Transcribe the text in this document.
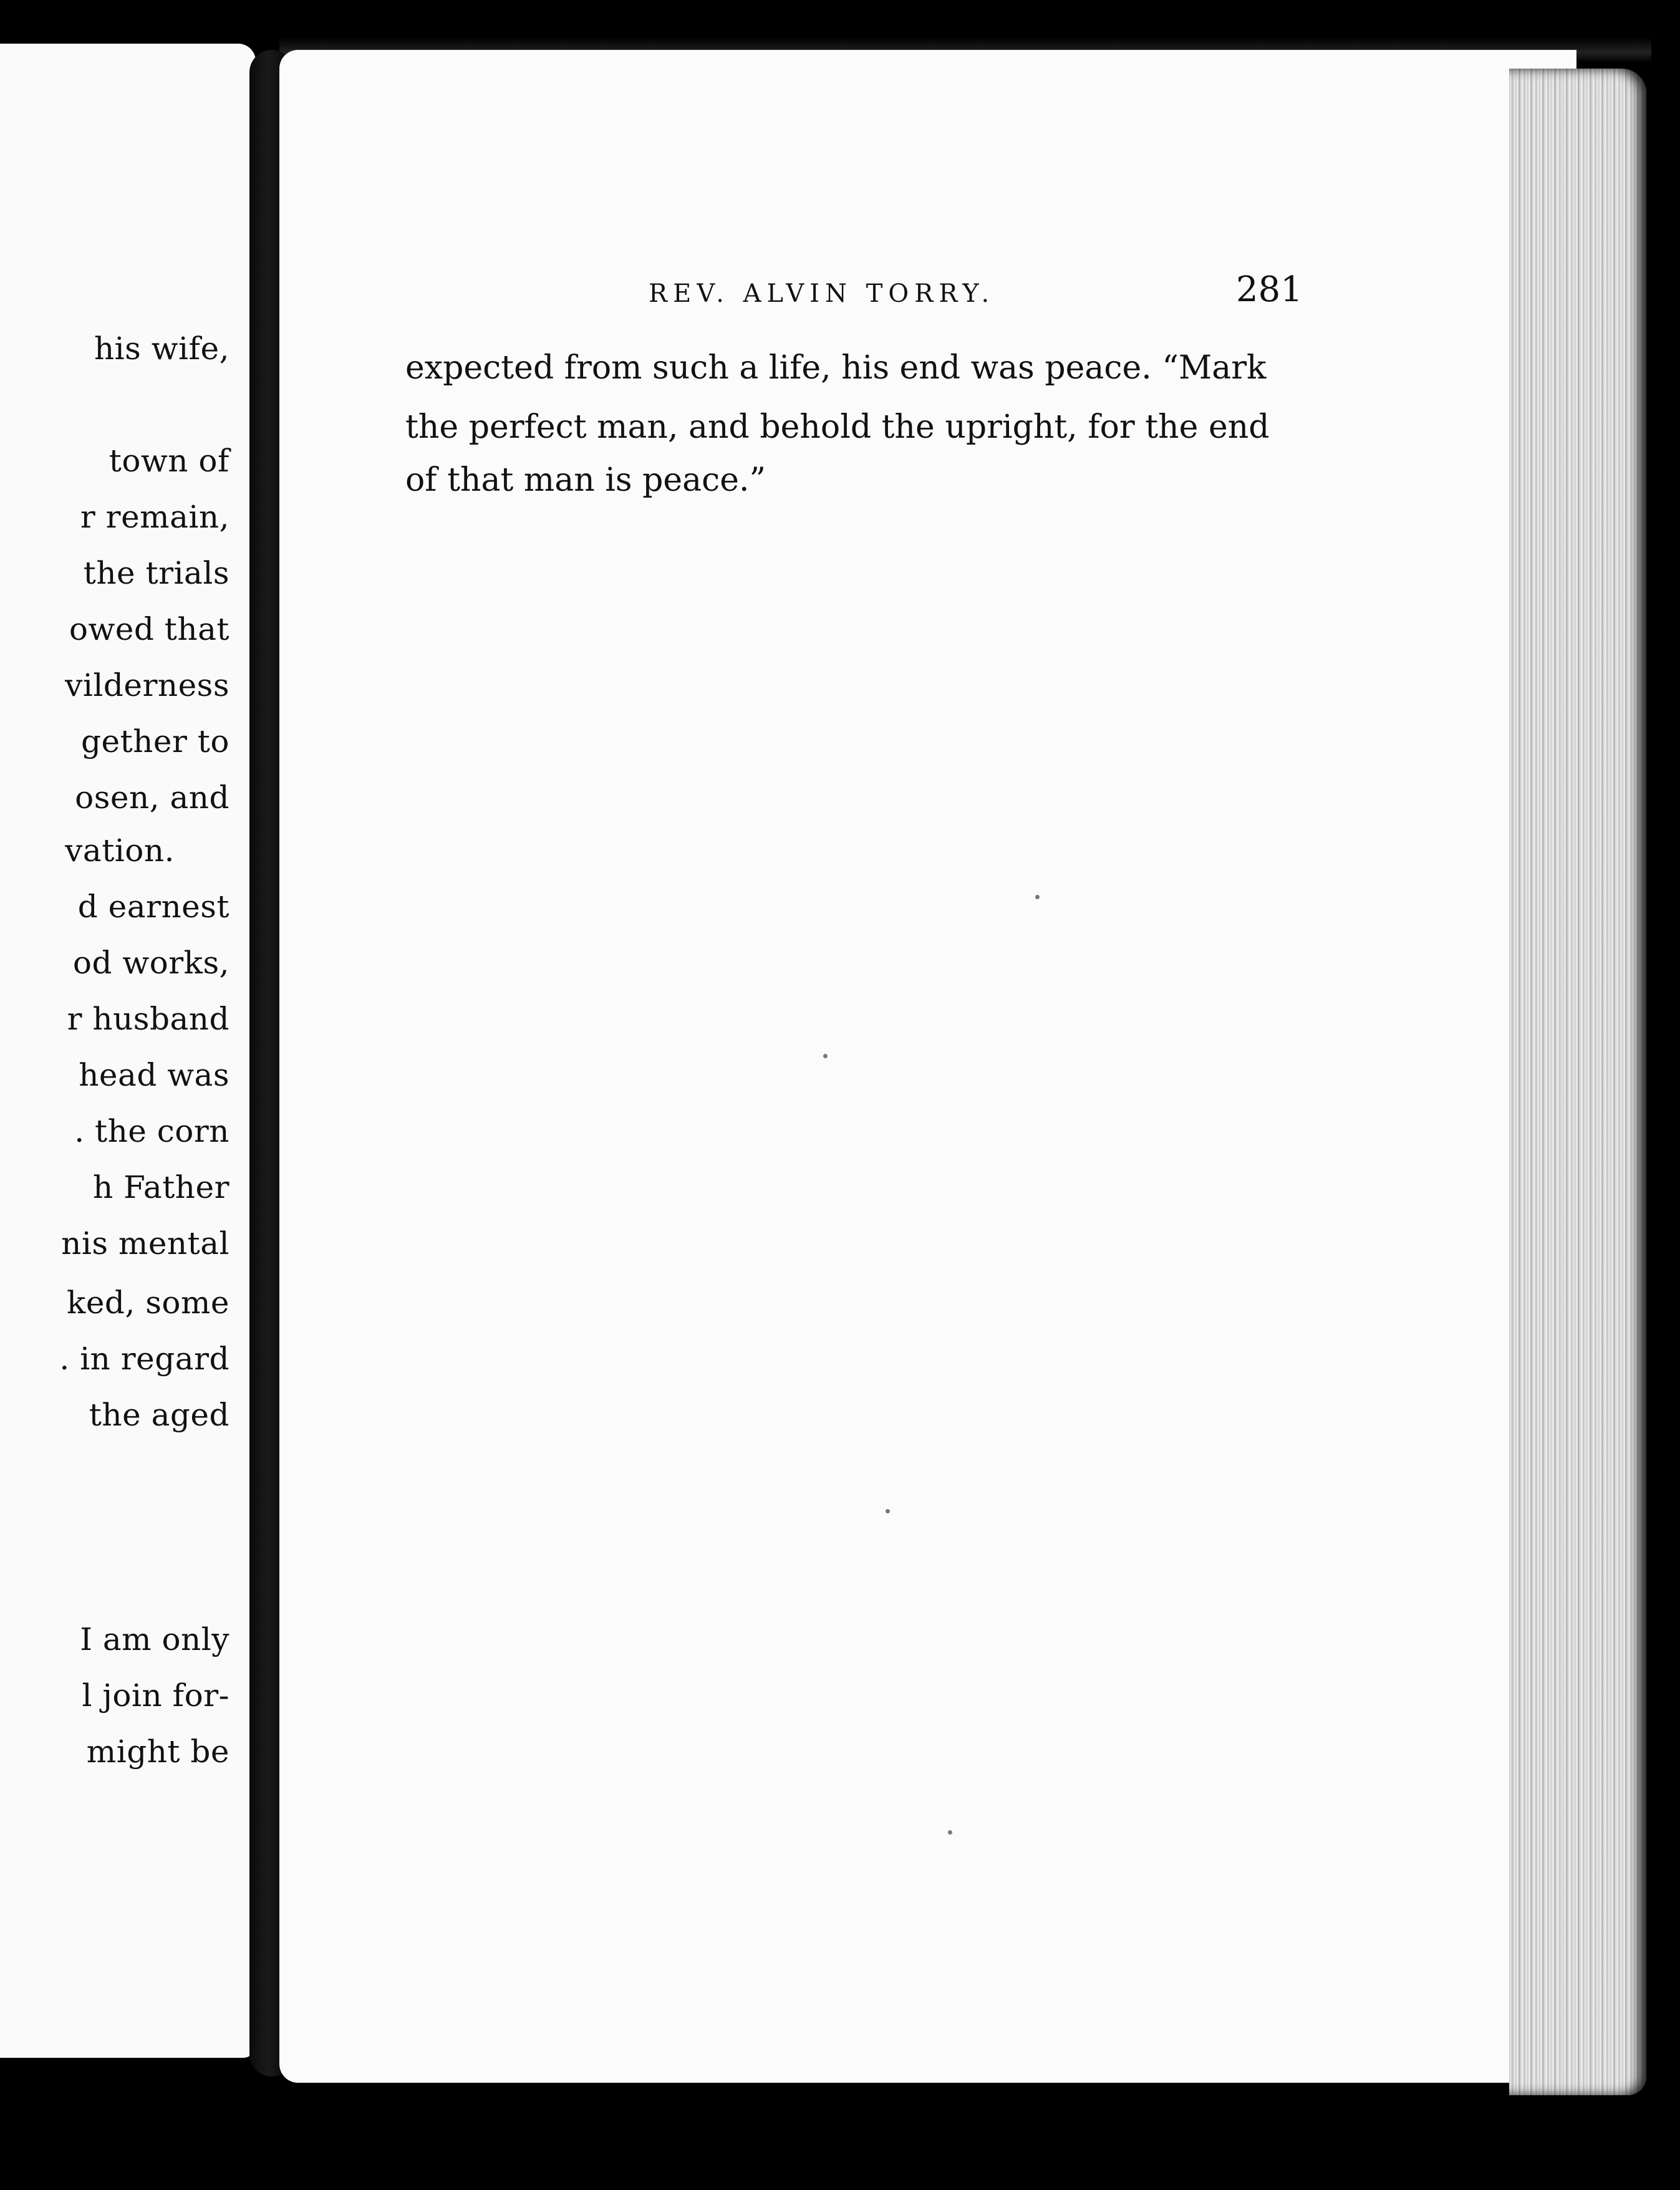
his wife,
town of
r remain,
the trials
owed that
vilderness
gether to
osen, and
vation.
d earnest
od works,
r husband
head was
. the corn
h Father
nis mental
ked, some
. in regard
the aged
I am only
l join for-
might be
REV. ALVIN TORRY.	281
expected from such a life, his end was peace. “Mark
the perfect man, and behold the upright, for the end
of that man is peace.”
